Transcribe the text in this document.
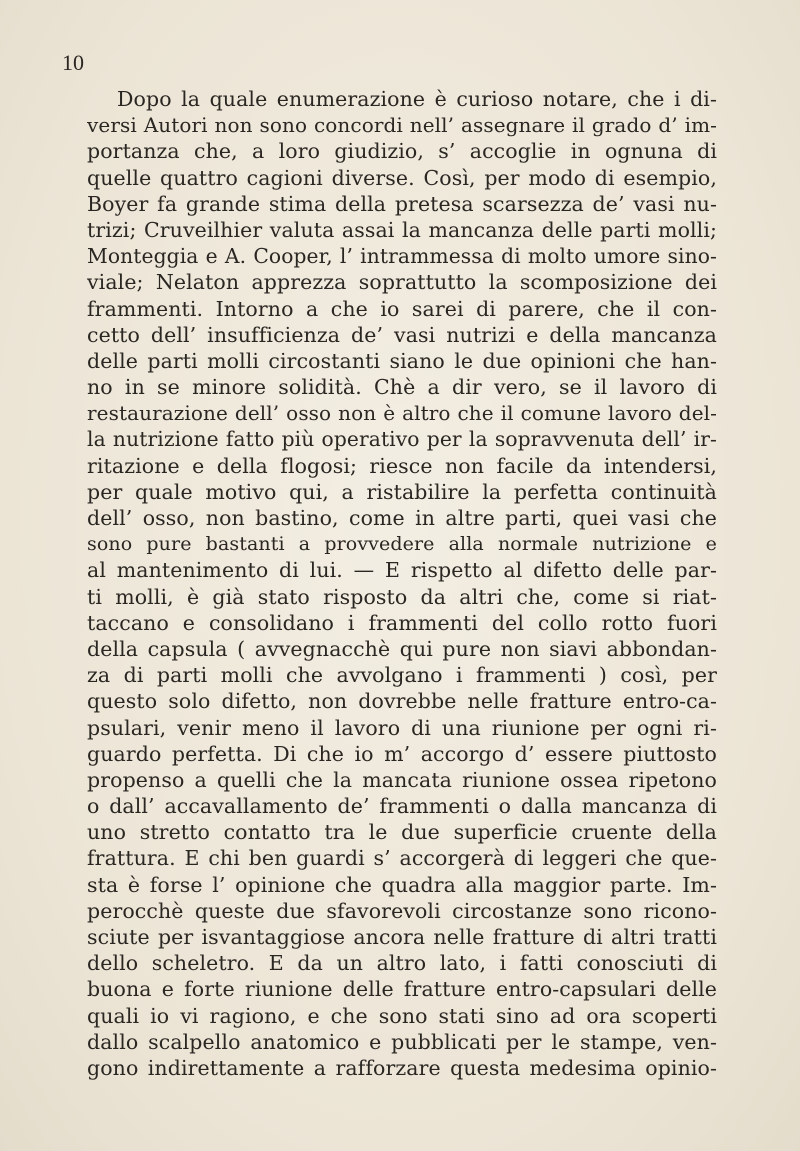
10
Dopo la quale enumerazione è curioso notare, che i di-
versi Autori non sono concordi nell’ assegnare il grado d’ im-
portanza che, a loro giudizio, s’ accoglie in ognuna di
quelle quattro cagioni diverse. Così, per modo di esempio,
Boyer fa grande stima della pretesa scarsezza de’ vasi nu-
trizi; Cruveilhier valuta assai la mancanza delle parti molli;
Monteggia e A. Cooper, l’ intrammessa di molto umore sino-
viale; Nelaton apprezza soprattutto la scomposizione dei
frammenti. Intorno a che io sarei di parere, che il con-
cetto dell’ insufficienza de’ vasi nutrizi e della mancanza
delle parti molli circostanti siano le due opinioni che han-
no in se minore solidità. Chè a dir vero, se il lavoro di
restaurazione dell’ osso non è altro che il comune lavoro del-
la nutrizione fatto più operativo per la sopravvenuta dell’ ir-
ritazione e della flogosi; riesce non facile da intendersi,
per quale motivo qui, a ristabilire la perfetta continuità
dell’ osso, non bastino, come in altre parti, quei vasi che
sono pure bastanti a provvedere alla normale nutrizione e
al mantenimento di lui. — E rispetto al difetto delle par-
ti molli, è già stato risposto da altri che, come si riat-
taccano e consolidano i frammenti del collo rotto fuori
della capsula ( avvegnacchè qui pure non siavi abbondan-
za di parti molli che avvolgano i frammenti ) così, per
questo solo difetto, non dovrebbe nelle fratture entro-ca-
psulari, venir meno il lavoro di una riunione per ogni ri-
guardo perfetta. Di che io m’ accorgo d’ essere piuttosto
propenso a quelli che la mancata riunione ossea ripetono
o dall’ accavallamento de’ frammenti o dalla mancanza di
uno stretto contatto tra le due superficie cruente della
frattura. E chi ben guardi s’ accorgerà di leggeri che que-
sta è forse l’ opinione che quadra alla maggior parte. Im-
perocchè queste due sfavorevoli circostanze sono ricono-
sciute per isvantaggiose ancora nelle fratture di altri tratti
dello scheletro. E da un altro lato, i fatti conosciuti di
buona e forte riunione delle fratture entro-capsulari delle
quali io vi ragiono, e che sono stati sino ad ora scoperti
dallo scalpello anatomico e pubblicati per le stampe, ven-
gono indirettamente a rafforzare questa medesima opinio-
